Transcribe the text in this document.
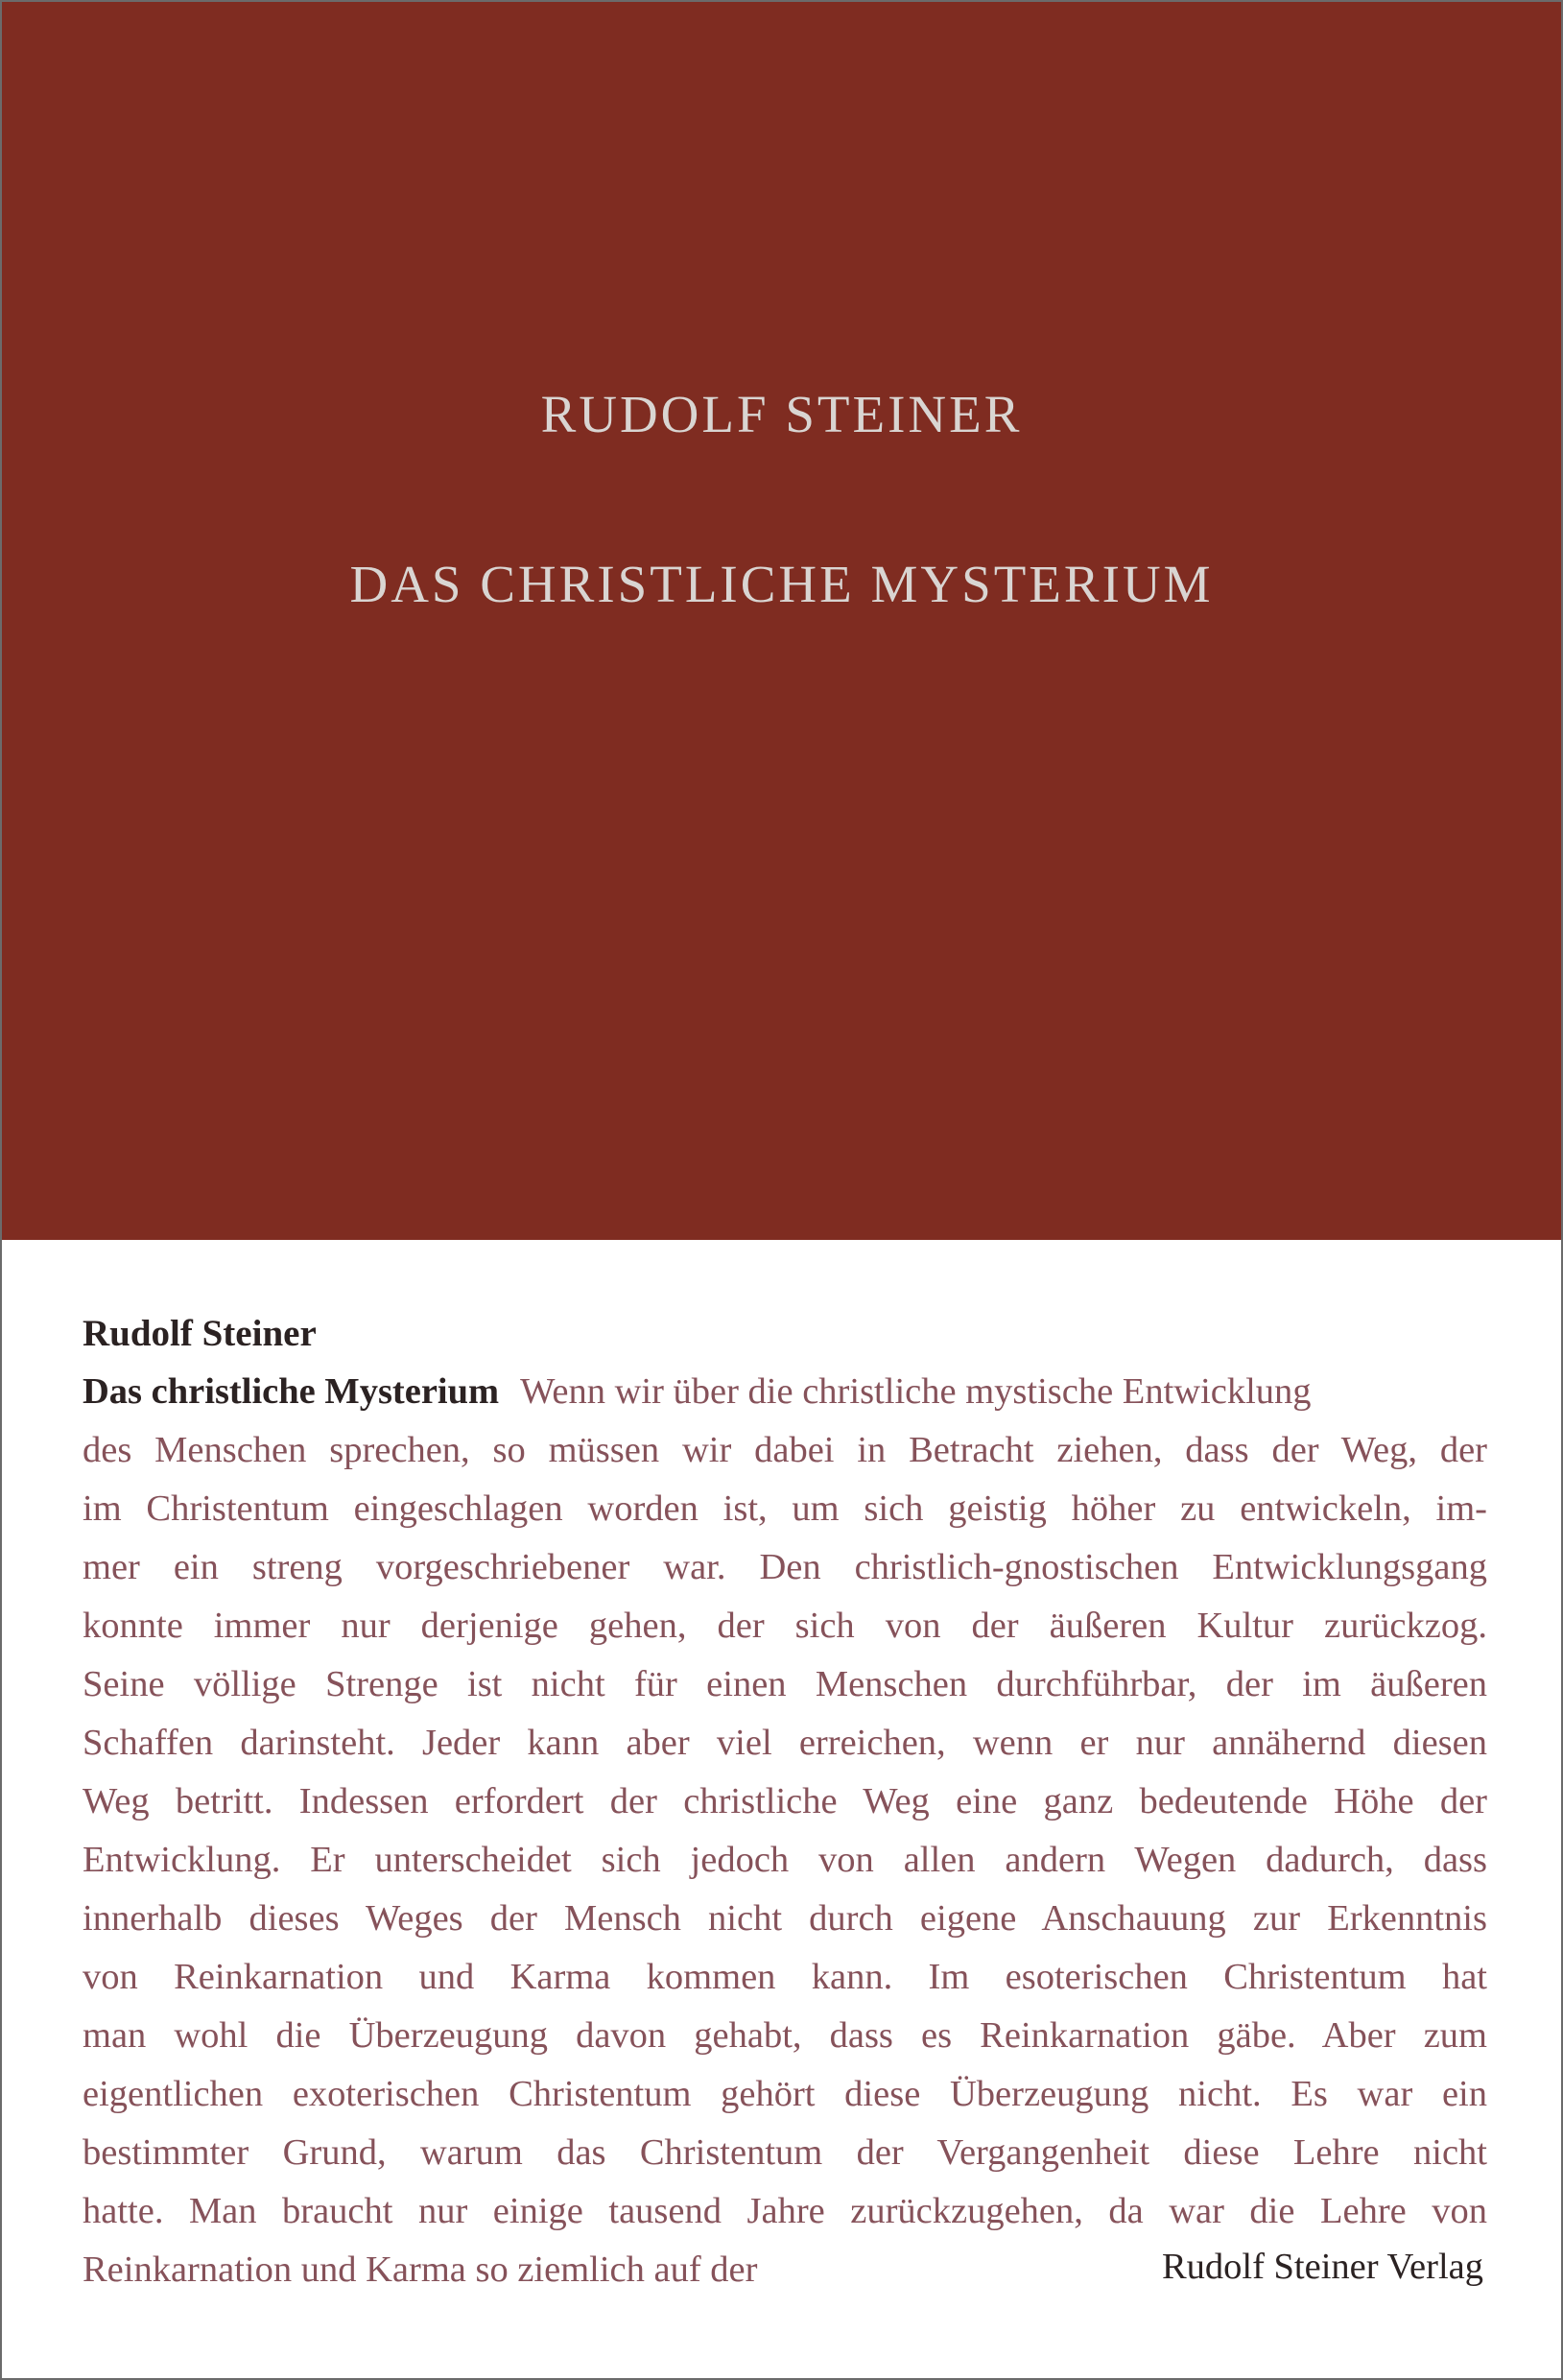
RUDOLF STEINER
DAS CHRISTLICHE MYSTERIUM
Rudolf Steiner
Das christliche Mysterium Wenn wir über die christliche mystische Entwicklung
des Menschen sprechen, so müssen wir dabei in Betracht ziehen, dass der Weg, der
im Christentum eingeschlagen worden ist, um sich geistig höher zu entwickeln, im-
mer ein streng vorgeschriebener war. Den christlich-gnostischen Entwicklungsgang
konnte immer nur derjenige gehen, der sich von der äußeren Kultur zurückzog.
Seine völlige Strenge ist nicht für einen Menschen durchführbar, der im äußeren
Schaffen darinsteht. Jeder kann aber viel erreichen, wenn er nur annähernd diesen
Weg betritt. Indessen erfordert der christliche Weg eine ganz bedeutende Höhe der
Entwicklung. Er unterscheidet sich jedoch von allen andern Wegen dadurch, dass
innerhalb dieses Weges der Mensch nicht durch eigene Anschauung zur Erkenntnis
von Reinkarnation und Karma kommen kann. Im esoterischen Christentum hat
man wohl die Überzeugung davon gehabt, dass es Reinkarnation gäbe. Aber zum
eigentlichen exoterischen Christentum gehört diese Überzeugung nicht. Es war ein
bestimmter Grund, warum das Christentum der Vergangenheit diese Lehre nicht
hatte. Man braucht nur einige tausend Jahre zurückzugehen, da war die Lehre von
Reinkarnation und Karma so ziemlich auf der	Rudolf Steiner Verlag
